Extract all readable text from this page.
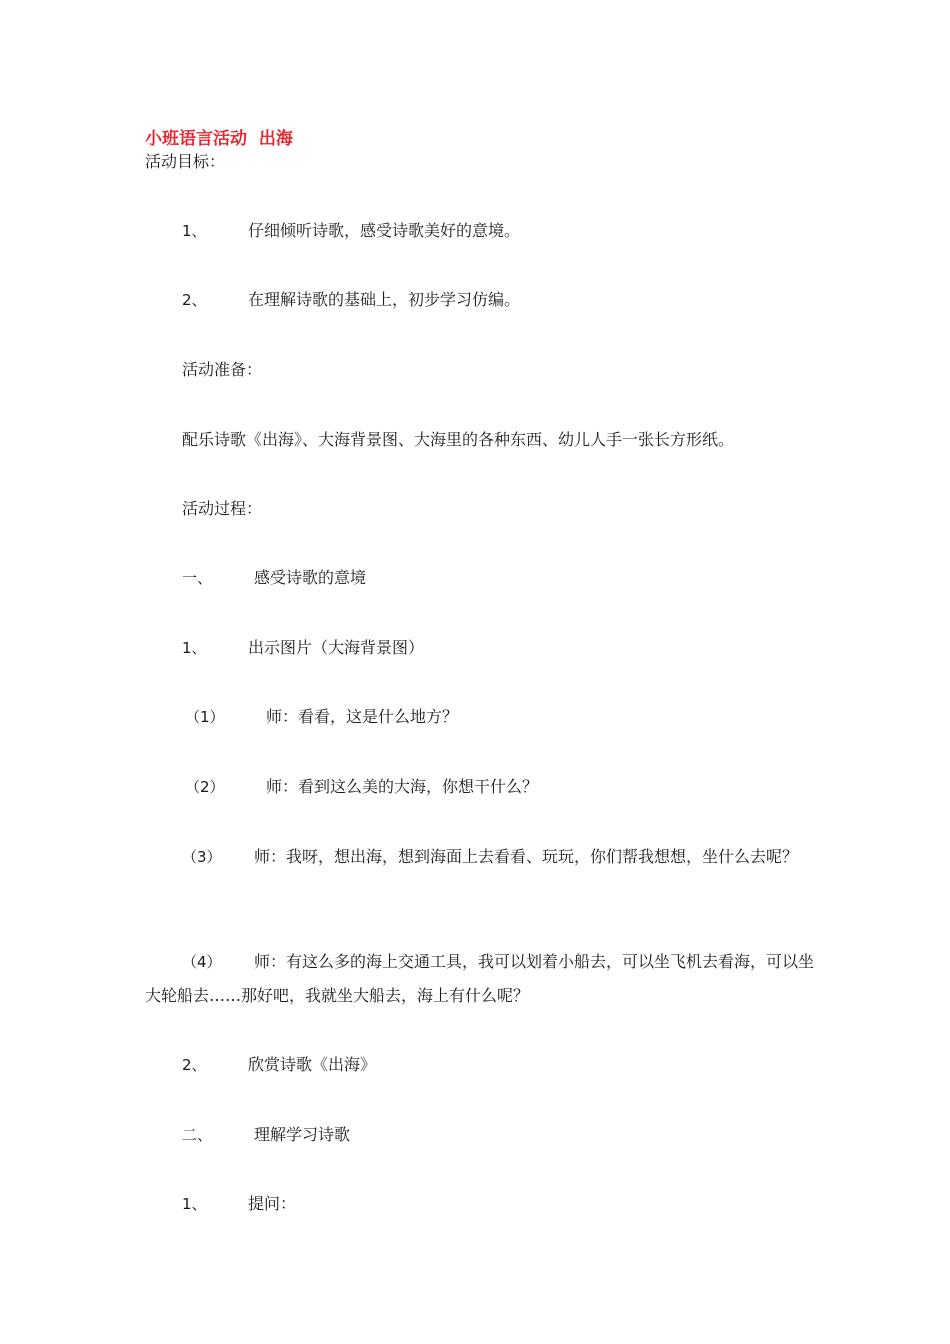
小班语言活动  出海
活动目标：
1、	仔细倾听诗歌，感受诗歌美好的意境。
2、	在理解诗歌的基础上，初步学习仿编。
活动准备：
配乐诗歌《出海》、大海背景图、大海里的各种东西、幼儿人手一张长方形纸。
活动过程：
一、	感受诗歌的意境
1、	出示图片（大海背景图）
（1）	师：看看，这是什么地方？
（2）	师：看到这么美的大海，你想干什么？
（3） 师：我呀，想出海，想到海面上去看看、玩玩，你们帮我想想，坐什么去呢？
（4） 师：有这么多的海上交通工具，我可以划着小船去，可以坐飞机去看海，可以坐大轮船去……那好吧，我就坐大船去，海上有什么呢？
2、	欣赏诗歌《出海》
二、	理解学习诗歌
1、	提问：
